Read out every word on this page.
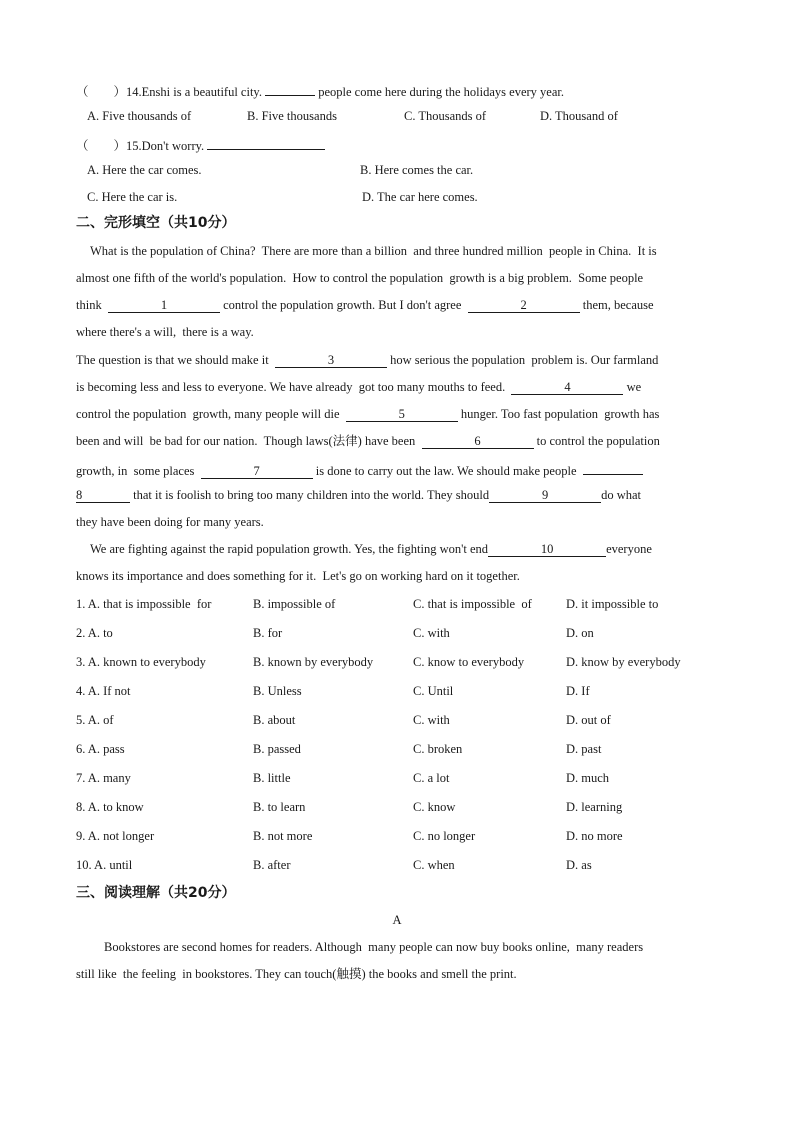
（　　）14.Enshi is a beautiful city.	people come here during the holidays every year.
A. Five thousands of	B. Five thousands	C. Thousands of	D. Thousand of
（　　）15.Don't worry.
A. Here the car comes.	B. Here comes the car.
C. Here the car is.	D. The car here comes.
二、完形填空（共10分）
What is the population of China?  There are more than a billion  and three hundred million  people in China.  It is
almost one fifth of the world's population.  How to control the population  growth is a big problem.  Some people
think	1	control the population growth. But I don't agree	2	them, because
where there's a will,  there is a way.
The question is that we should make it	3	how serious the population  problem is. Our farmland
is becoming less and less to everyone. We have already  got too many mouths to feed.	4	we
control the population  growth, many people will die	5	hunger. Too fast population  growth has
been and will  be bad for our nation.  Though laws(法律) have been	6	to control the population
growth, in  some places	7	is done to carry out the law. We should make people
8	that it is foolish to bring too many children into the world. They should	9	do what
they have been doing for many years.
We are fighting against the rapid population growth. Yes, the fighting won't end	10	everyone
knows its importance and does something for it.  Let's go on working hard on it together.
1. A. that is impossible  for	B. impossible of	C. that is impossible  of	D. it impossible to
2. A. to	B. for	C. with	D. on
3. A. known to everybody	B. known by everybody	C. know to everybody	D. know by everybody
4. A. If not	B. Unless	C. Until	D. If
5. A. of	B. about	C. with	D. out of
6. A. pass	B. passed	C. broken	D. past
7. A. many	B. little	C. a lot	D. much
8. A. to know	B. to learn	C. know	D. learning
9. A. not longer	B. not more	C. no longer	D. no more
10. A. until	B. after	C. when	D. as
三、阅读理解（共20分）
A
Bookstores are second homes for readers. Although  many people can now buy books online,  many readers
still like  the feeling  in bookstores. They can touch(触摸) the books and smell the print.
